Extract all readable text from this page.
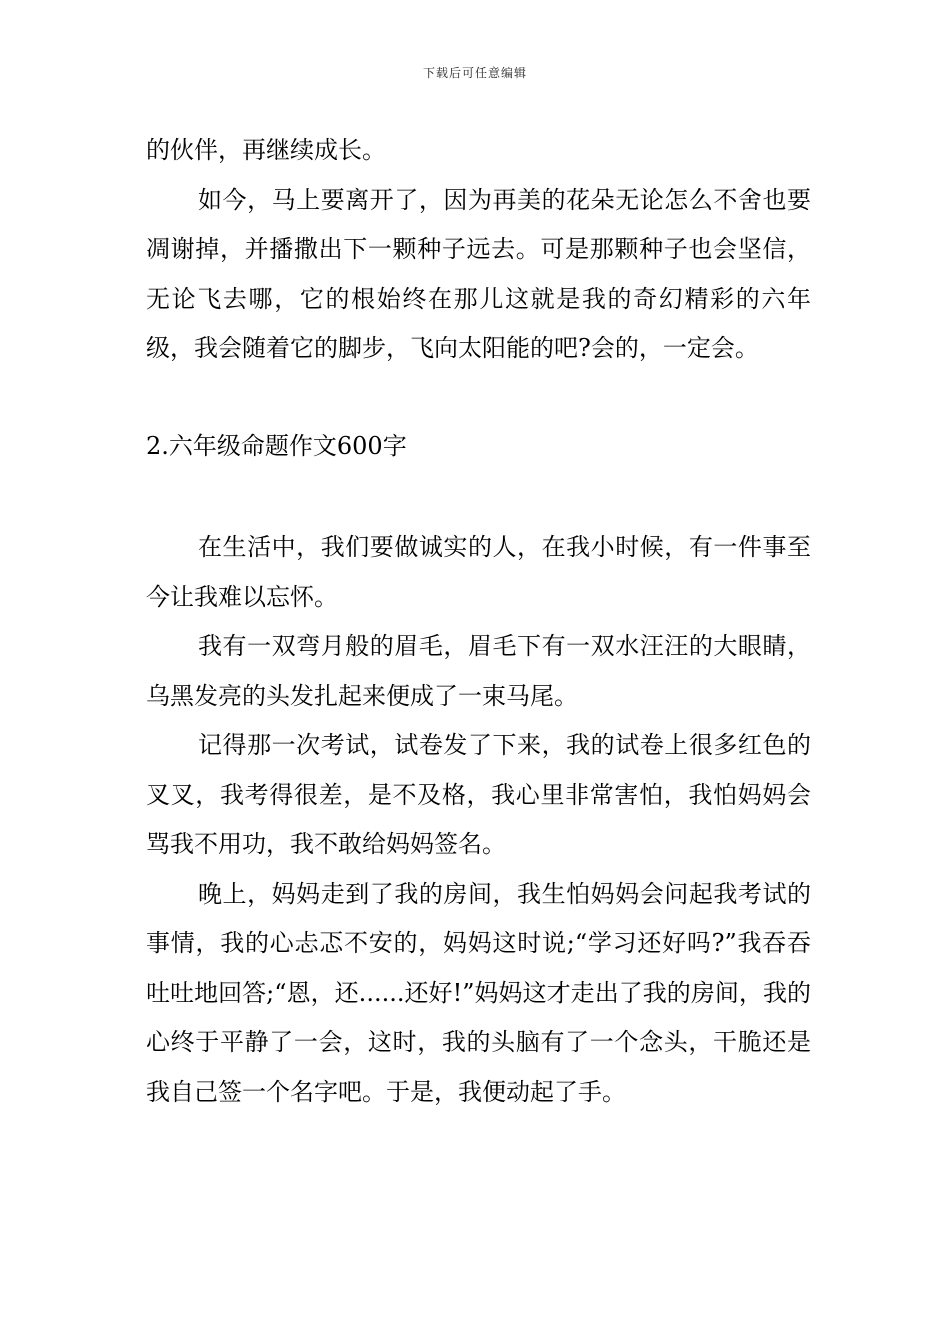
下载后可任意编辑

的伙伴，再继续成长。

如今，马上要离开了，因为再美的花朵无论怎么不舍也要凋谢掉，并播撒出下一颗种子远去。可是那颗种子也会坚信，无论飞去哪，它的根始终在那儿这就是我的奇幻精彩的六年级，我会随着它的脚步，飞向太阳能的吧?会的，一定会。

2.六年级命题作文600字

在生活中，我们要做诚实的人，在我小时候，有一件事至今让我难以忘怀。

我有一双弯月般的眉毛，眉毛下有一双水汪汪的大眼睛，乌黑发亮的头发扎起来便成了一束马尾。

记得那一次考试，试卷发了下来，我的试卷上很多红色的叉叉，我考得很差，是不及格，我心里非常害怕，我怕妈妈会骂我不用功，我不敢给妈妈签名。

晚上，妈妈走到了我的房间，我生怕妈妈会问起我考试的事情，我的心忐忑不安的，妈妈这时说;“学习还好吗?”我吞吞吐吐地回答;“恩，还......还好!”妈妈这才走出了我的房间，我的心终于平静了一会，这时，我的头脑有了一个念头，干脆还是我自己签一个名字吧。于是，我便动起了手。
